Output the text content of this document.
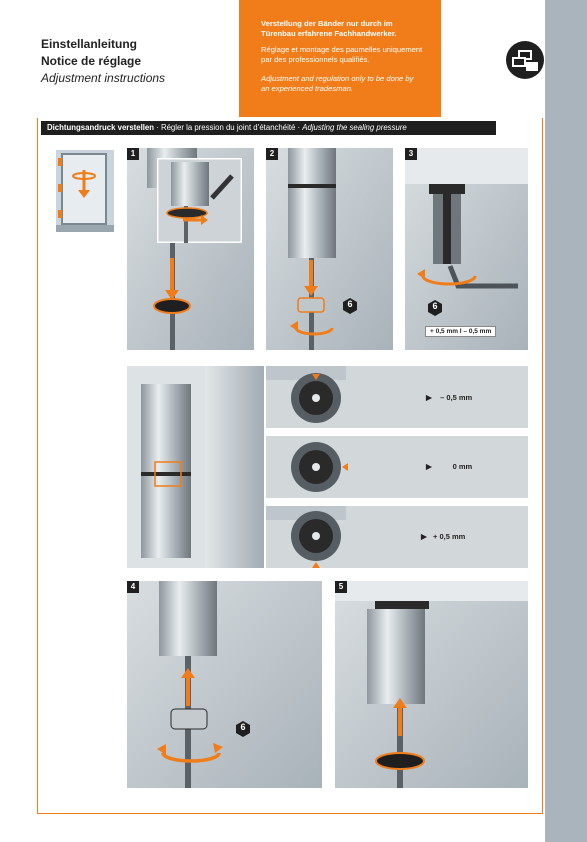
Einstellanleitung
Notice de réglage
Adjustment instructions

Verstellung der Bänder nur durch im Türenbau erfahrene Fachhandwerker.

Réglage et montage des paumelles uniquement par des professionnels qualifiés.

Adjustment and regulation only to be done by an experienced tradesman.

Dichtungsandruck verstellen · Régler la pression du joint d’étanchéité · Adjusting the sealing pressure
1
6
2
6
+ 0,5 mm I – 0,5 mm
3
▶    – 0,5 mm
▶          0 mm
▶   + 0,5 mm
6
4	5
